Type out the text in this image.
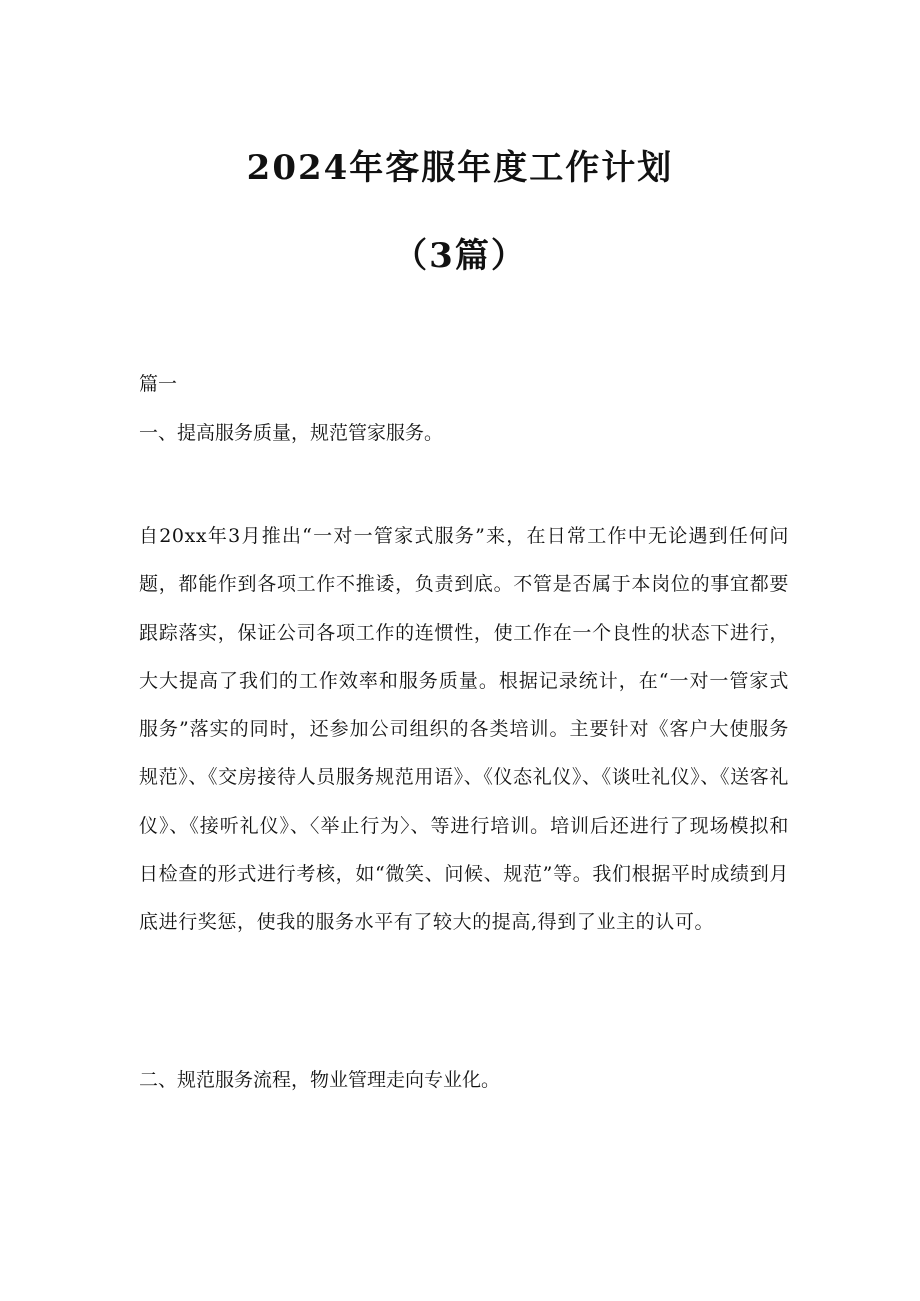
2024年客服年度工作计划
（3篇）

篇一

一、提高服务质量，规范管家服务。

自20xx年3月推出“一对一管家式服务”来，在日常工作中无论遇到任何问题，都能作到各项工作不推诿，负责到底。不管是否属于本岗位的事宜都要跟踪落实，保证公司各项工作的连惯性，使工作在一个良性的状态下进行，大大提高了我们的工作效率和服务质量。根据记录统计，在“一对一管家式服务”落实的同时，还参加公司组织的各类培训。主要针对《客户大使服务规范》、《交房接待人员服务规范用语》、《仪态礼仪》、《谈吐礼仪》、《送客礼仪》、《接听礼仪》、〈举止行为〉、等进行培训。培训后还进行了现场模拟和日检查的形式进行考核，如“微笑、问候、规范”等。我们根据平时成绩到月底进行奖惩，使我的服务水平有了较大的提高,得到了业主的认可。

二、规范服务流程，物业管理走向专业化。
